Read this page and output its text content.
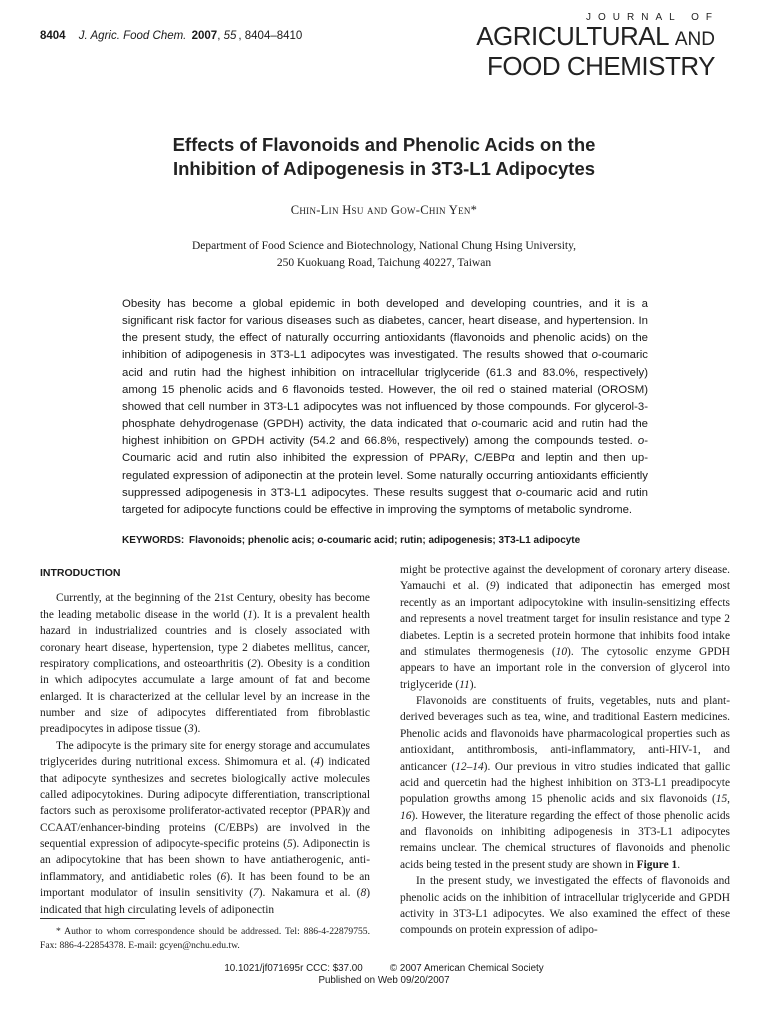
8404 J. Agric. Food Chem. 2007, 55 , 8404–8410
JOURNAL OF
AGRICULTURAL AND
FOOD CHEMISTRY
Effects of Flavonoids and Phenolic Acids on the
Inhibition of Adipogenesis in 3T3-L1 Adipocytes
Chin-Lin Hsu and Gow-Chin Yen*
Department of Food Science and Biotechnology, National Chung Hsing University,
250 Kuokuang Road, Taichung 40227, Taiwan
Obesity has become a global epidemic in both developed and developing countries, and it is a significant risk factor for various diseases such as diabetes, cancer, heart disease, and hypertension. In the present study, the effect of naturally occurring antioxidants (flavonoids and phenolic acids) on the inhibition of adipogenesis in 3T3-L1 adipocytes was investigated. The results showed that o-coumaric acid and rutin had the highest inhibition on intracellular triglyceride (61.3 and 83.0%, respectively) among 15 phenolic acids and 6 flavonoids tested. However, the oil red o stained material (OROSM) showed that cell number in 3T3-L1 adipocytes was not influenced by those compounds. For glycerol-3-phosphate dehydrogenase (GPDH) activity, the data indicated that o-coumaric acid and rutin had the highest inhibition on GPDH activity (54.2 and 66.8%, respectively) among the compounds tested. o-Coumaric acid and rutin also inhibited the expression of PPARγ, C/EBPα and leptin and then up-regulated expression of adiponectin at the protein level. Some naturally occurring antioxidants efficiently suppressed adipogenesis in 3T3-L1 adipocytes. These results suggest that o-coumaric acid and rutin targeted for adipocyte functions could be effective in improving the symptoms of metabolic syndrome.
KEYWORDS: Flavonoids; phenolic acis; o-coumaric acid; rutin; adipogenesis; 3T3-L1 adipocyte

INTRODUCTION

Currently, at the beginning of the 21st Century, obesity has become the leading metabolic disease in the world (1). It is a prevalent health hazard in industrialized countries and is closely associated with coronary heart disease, hypertension, type 2 diabetes mellitus, cancer, respiratory complications, and osteoarthritis (2). Obesity is a condition in which adipocytes accumulate a large amount of fat and become enlarged. It is characterized at the cellular level by an increase in the number and size of adipocytes differentiated from fibroblastic preadipocytes in adipose tissue (3).

The adipocyte is the primary site for energy storage and accumulates triglycerides during nutritional excess. Shimomura et al. (4) indicated that adipocyte synthesizes and secretes biologically active molecules called adipocytokines. During adipocyte differentiation, transcriptional factors such as peroxisome proliferator-activated receptor (PPAR)γ and CCAAT/enhancer-binding proteins (C/EBPs) are involved in the sequential expression of adipocyte-specific proteins (5). Adiponectin is an adipocytokine that has been shown to have antiatherogenic, anti-inflammatory, and antidiabetic roles (6). It has been found to be an important modulator of insulin sensitivity (7). Nakamura et al. (8) indicated that high circulating levels of adiponectin

* Author to whom correspondence should be addressed. Tel: 886-4-22879755. Fax: 886-4-22854378. E-mail: gcyen@nchu.edu.tw.

might be protective against the development of coronary artery disease. Yamauchi et al. (9) indicated that adiponectin has emerged most recently as an important adipocytokine with insulin-sensitizing effects and represents a novel treatment target for insulin resistance and type 2 diabetes. Leptin is a secreted protein hormone that inhibits food intake and stimulates thermogenesis (10). The cytosolic enzyme GPDH appears to have an important role in the conversion of glycerol into triglyceride (11).

Flavonoids are constituents of fruits, vegetables, nuts and plant-derived beverages such as tea, wine, and traditional Eastern medicines. Phenolic acids and flavonoids have pharmacological properties such as antioxidant, antithrombosis, anti-inflammatory, anti-HIV-1, and anticancer (12–14). Our previous in vitro studies indicated that gallic acid and quercetin had the highest inhibition on 3T3-L1 preadipocyte population growths among 15 phenolic acids and six flavonoids (15, 16). However, the literature regarding the effect of those phenolic acids and flavonoids on inhibiting adipogenesis in 3T3-L1 adipocytes remains unclear. The chemical structures of flavonoids and phenolic acids being tested in the present study are shown in Figure 1.

In the present study, we investigated the effects of flavonoids and phenolic acids on the inhibition of intracellular triglyceride and GPDH activity in 3T3-L1 adipocytes. We also examined the effect of these compounds on protein expression of adipo-

10.1021/jf071695r CCC: $37.00          © 2007 American Chemical Society
Published on Web 09/20/2007
